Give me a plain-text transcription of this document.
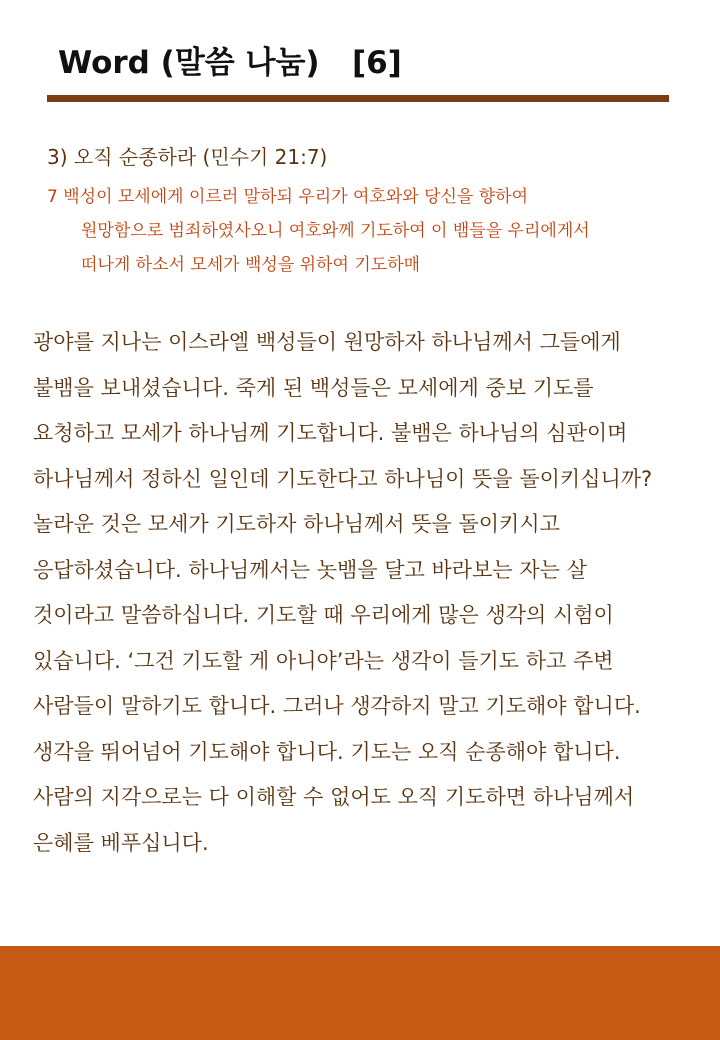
Word (말씀 나눔)   [6]
3) 오직 순종하라 (민수기 21:7)
7 백성이 모세에게 이르러 말하되 우리가 여호와와 당신을 향하여
원망함으로 범죄하였사오니 여호와께 기도하여 이 뱀들을 우리에게서
떠나게 하소서 모세가 백성을 위하여 기도하매
광야를 지나는 이스라엘 백성들이 원망하자 하나님께서 그들에게
불뱀을 보내셨습니다. 죽게 된 백성들은 모세에게 중보 기도를
요청하고 모세가 하나님께 기도합니다. 불뱀은 하나님의 심판이며
하나님께서 정하신 일인데 기도한다고 하나님이 뜻을 돌이키십니까?
놀라운 것은 모세가 기도하자 하나님께서 뜻을 돌이키시고
응답하셨습니다. 하나님께서는 놋뱀을 달고 바라보는 자는 살
것이라고 말씀하십니다. 기도할 때 우리에게 많은 생각의 시험이
있습니다. ‘그건 기도할 게 아니야’라는 생각이 들기도 하고 주변
사람들이 말하기도 합니다. 그러나 생각하지 말고 기도해야 합니다.
생각을 뛰어넘어 기도해야 합니다. 기도는 오직 순종해야 합니다.
사람의 지각으로는 다 이해할 수 없어도 오직 기도하면 하나님께서
은혜를 베푸십니다.
